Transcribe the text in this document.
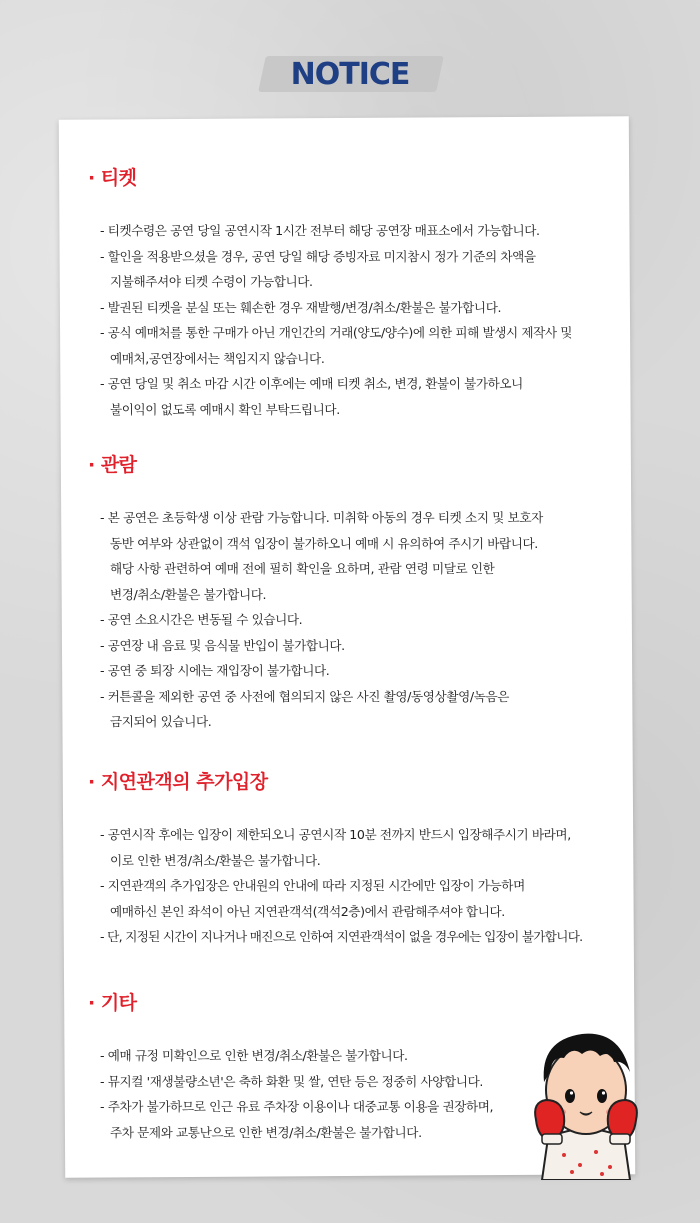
NOTICE
· 티켓
- 티켓수령은 공연 당일 공연시작 1시간 전부터 해당 공연장 매표소에서 가능합니다.
- 할인을 적용받으셨을 경우, 공연 당일 해당 증빙자료 미지참시 정가 기준의 차액을
지불해주셔야 티켓 수령이 가능합니다.
- 발권된 티켓을 분실 또는 훼손한 경우 재발행/변경/취소/환불은 불가합니다.
- 공식 예매처를 통한 구매가 아닌 개인간의 거래(양도/양수)에 의한 피해 발생시 제작사 및
예매처,공연장에서는 책임지지 않습니다.
- 공연 당일 및 취소 마감 시간 이후에는 예매 티켓 취소, 변경, 환불이 불가하오니
불이익이 없도록 예매시 확인 부탁드립니다.
· 관람
- 본 공연은 초등학생 이상 관람 가능합니다. 미취학 아동의 경우 티켓 소지 및 보호자
동반 여부와 상관없이 객석 입장이 불가하오니 예매 시 유의하여 주시기 바랍니다.
해당 사항 관련하여 예매 전에 필히 확인을 요하며, 관람 연령 미달로 인한
변경/취소/환불은 불가합니다.
- 공연 소요시간은 변동될 수 있습니다.
- 공연장 내 음료 및 음식물 반입이 불가합니다.
- 공연 중 퇴장 시에는 재입장이 불가합니다.
- 커튼콜을 제외한 공연 중 사전에 협의되지 않은 사진 촬영/동영상촬영/녹음은
금지되어 있습니다.
· 지연관객의 추가입장
- 공연시작 후에는 입장이 제한되오니 공연시작 10분 전까지 반드시 입장해주시기 바라며,
이로 인한 변경/취소/환불은 불가합니다.
- 지연관객의 추가입장은 안내원의 안내에 따라 지정된 시간에만 입장이 가능하며
예매하신 본인 좌석이 아닌 지연관객석(객석2층)에서 관람해주셔야 합니다.
- 단, 지정된 시간이 지나거나 매진으로 인하여 지연관객석이 없을 경우에는 입장이 불가합니다.
· 기타
- 예매 규정 미확인으로 인한 변경/취소/환불은 불가합니다.
- 뮤지컬 '재생불량소년'은 축하 화환 및 쌀, 연탄 등은 정중히 사양합니다.
- 주차가 불가하므로 인근 유료 주차장 이용이나 대중교통 이용을 권장하며,
주차 문제와 교통난으로 인한 변경/취소/환불은 불가합니다.
